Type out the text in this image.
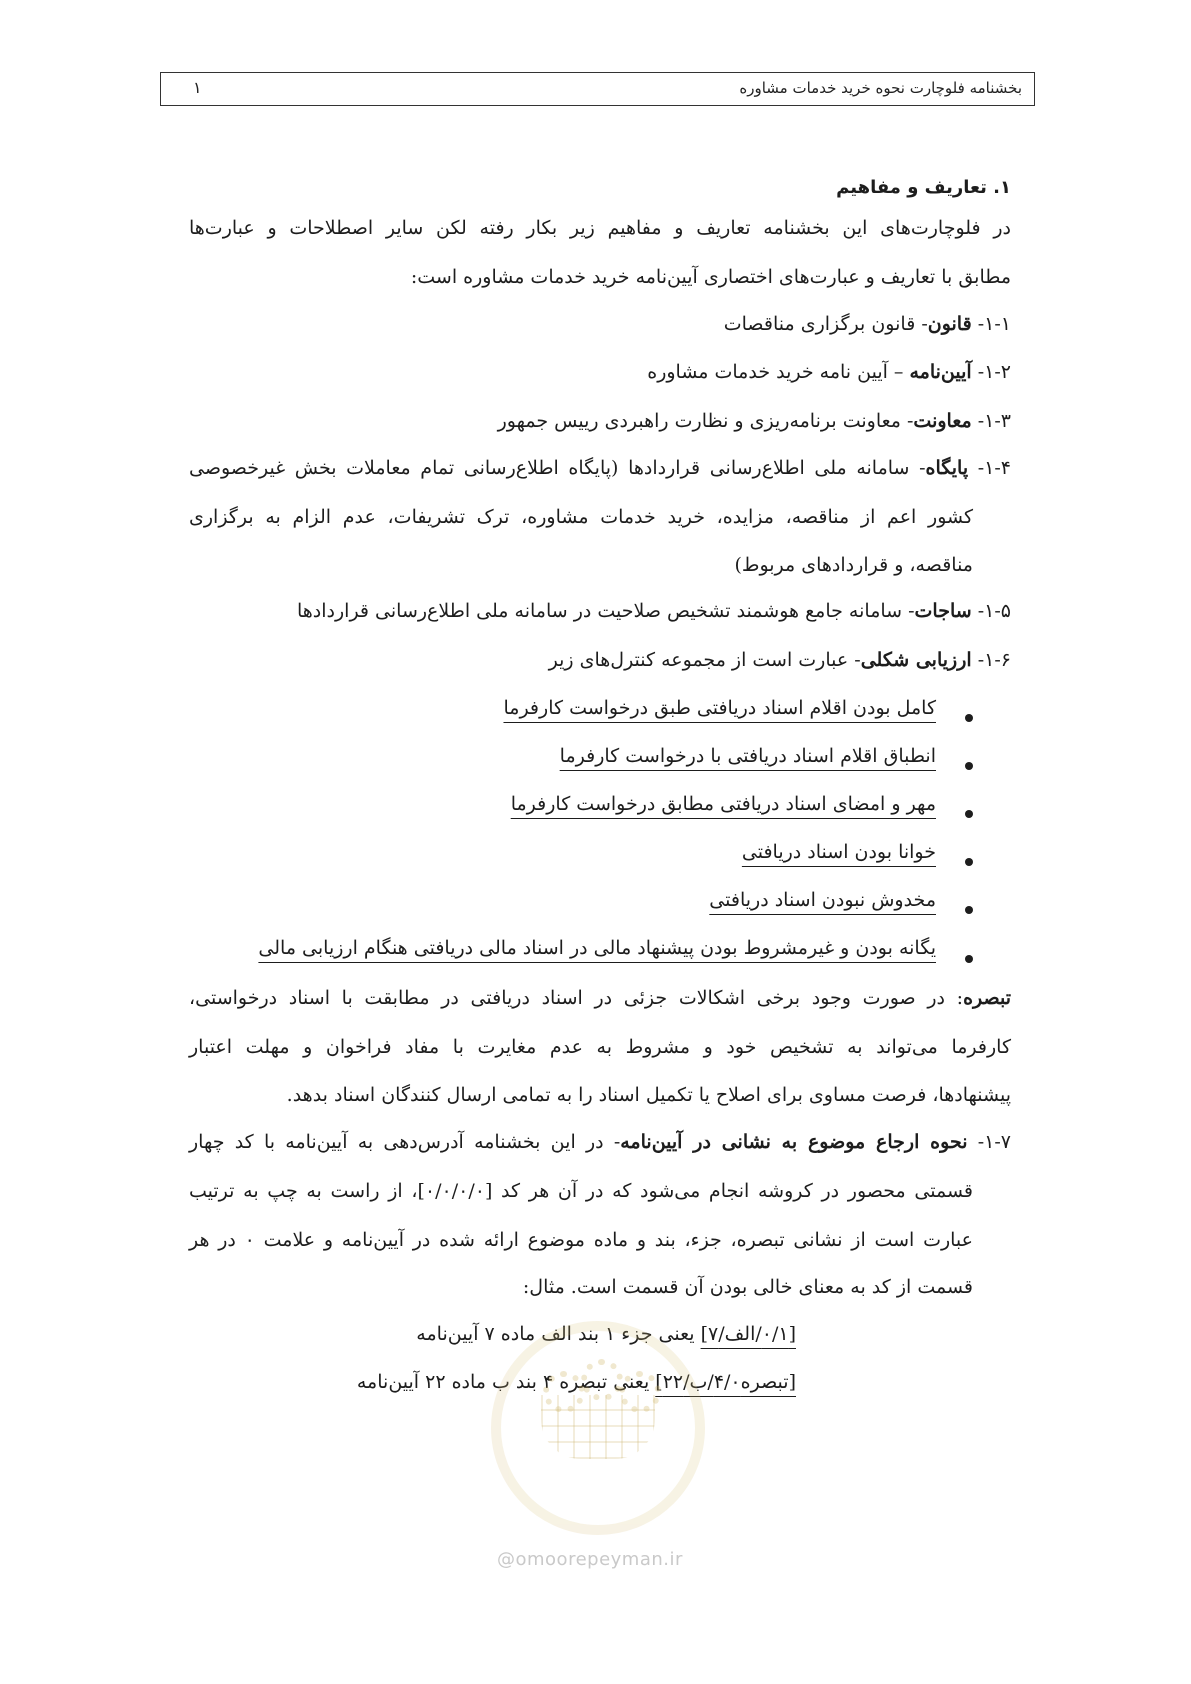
بخشنامه فلوچارت نحوه خرید خدمات مشاوره
۱
۱. تعاریف و مفاهیم
در فلوچارت‌های این بخشنامه تعاریف و مفاهیم زیر بکار رفته لکن سایر اصطلاحات و عبارت‌ها
مطابق با تعاریف و عبارت‌های اختصاری آیین‌نامه خرید خدمات مشاوره است:
۱-۱- قانون- قانون برگزاری مناقصات
۱-۲- آیین‌نامه – آیین نامه خرید خدمات مشاوره
۱-۳- معاونت- معاونت برنامه‌ریزی و نظارت راهبردی رییس جمهور
۱-۴- پایگاه- سامانه ملی اطلاع‌رسانی قراردادها (پایگاه اطلاع‌رسانی تمام معاملات بخش غیرخصوصی
کشور اعم از مناقصه، مزایده، خرید خدمات مشاوره، ترک تشریفات، عدم الزام به برگزاری
مناقصه، و قراردادهای مربوط)
۱-۵- ساجات- سامانه جامع هوشمند تشخیص صلاحیت در سامانه ملی اطلاع‌رسانی قراردادها
۱-۶- ارزیابی شکلی- عبارت است از مجموعه کنترل‌های زیر
کامل بودن اقلام اسناد دریافتی طبق درخواست کارفرما
انطباق اقلام اسناد دریافتی با درخواست کارفرما
مهر و امضای اسناد دریافتی مطابق درخواست کارفرما
خوانا بودن اسناد دریافتی
مخدوش نبودن اسناد دریافتی
یگانه بودن و غیرمشروط بودن پیشنهاد مالی در اسناد مالی دریافتی هنگام ارزیابی مالی
تبصره: در صورت وجود برخی اشکالات جزئی در اسناد دریافتی در مطابقت با اسناد درخواستی،
کارفرما می‌تواند به تشخیص خود و مشروط به عدم مغایرت با مفاد فراخوان و مهلت اعتبار
پیشنهادها، فرصت مساوی برای اصلاح یا تکمیل اسناد را به تمامی ارسال کنندگان اسناد بدهد.
۱-۷- نحوه ارجاع موضوع به نشانی در آیین‌نامه- در این بخشنامه آدرس‌دهی به آیین‌نامه با کد چهار
قسمتی محصور در کروشه انجام می‌شود که در آن هر کد [۰/۰/۰/۰]، از راست به چپ به ترتیب
عبارت است از نشانی تبصره، جزء، بند و ماده موضوع ارائه شده در آیین‌نامه و علامت ۰ در هر
قسمت از کد به معنای خالی بودن آن قسمت است. مثال:
[۰/۱/الف/۷] یعنی جزء ۱ بند الف ماده ۷ آیین‌نامه
[تبصره۴/۰/ب/۲۲] یعنی تبصره ۴ بند ب ماده ۲۲ آیین‌نامه
@omoorepeyman.ir
